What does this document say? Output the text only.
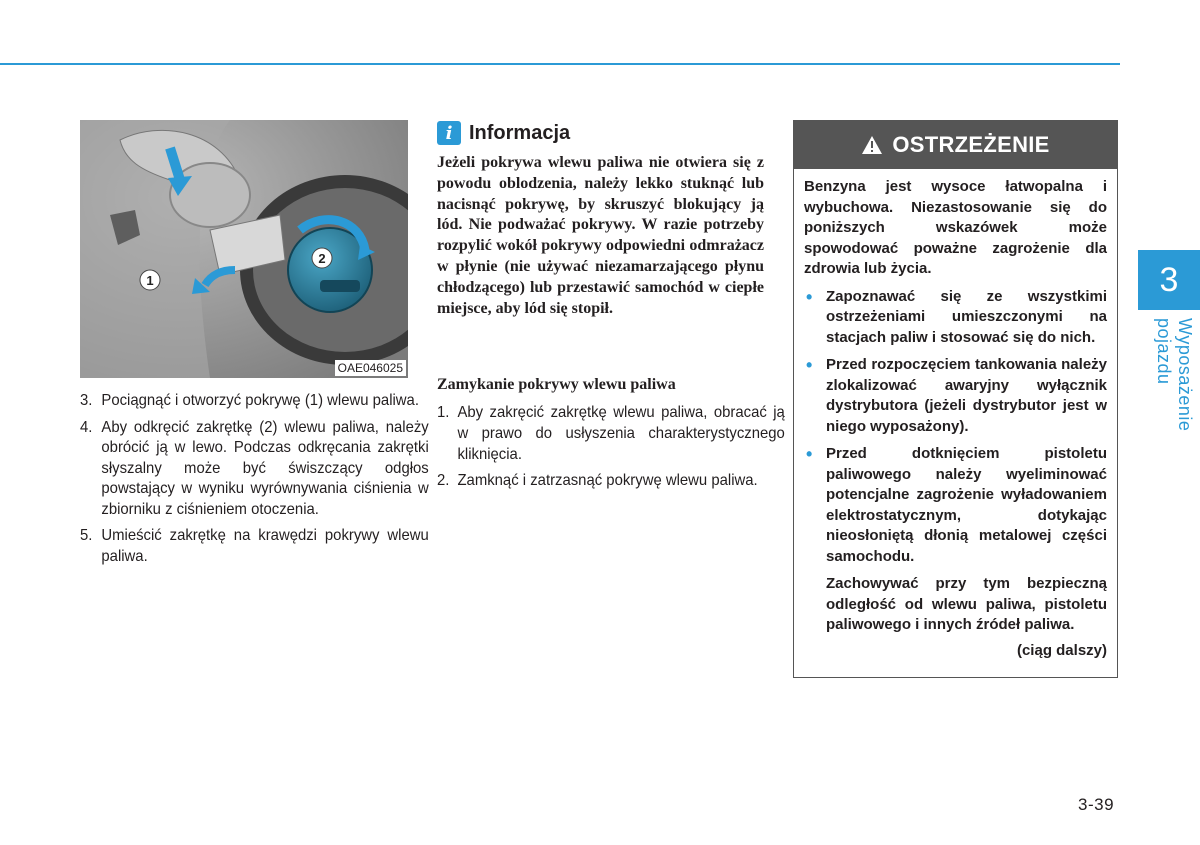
1
2
OAE046025
3. Pociągnąć i otworzyć pokrywę (1) wlewu paliwa.
4. Aby odkręcić zakrętkę (2) wlewu paliwa, należy obrócić ją w lewo. Podczas odkręcania zakrętki słyszalny może być świszczący odgłos powstający w wyniku wyrównywania ciśnienia w zbiorniku z ciśnieniem otoczenia.
5. Umieścić zakrętkę na krawędzi pokrywy wlewu paliwa.
i Informacja

Jeżeli pokrywa wlewu paliwa nie otwiera się z powodu oblodzenia, należy lekko stuknąć lub nacisnąć pokrywę, by skruszyć blokujący ją lód. Nie podważać pokrywy. W razie potrzeby rozpylić wokół pokrywy odpowiedni odmrażacz w płynie (nie używać niezamarzającego płynu chłodzącego) lub przestawić samochód w ciepłe miejsce, aby lód się stopił.

Zamykanie pokrywy wlewu paliwa

1. Aby zakręcić zakrętkę wlewu paliwa, obracać ją w prawo do usłyszenia charakterystycznego kliknięcia.
2. Zamknąć i zatrzasnąć pokrywę wlewu paliwa.
OSTRZEŻENIE

Benzyna jest wysoce łatwopalna i wybuchowa. Niezastosowanie się do poniższych wskazówek może spowodować poważne zagrożenie dla zdrowia lub życia.

• Zapoznawać się ze wszystkimi ostrzeżeniami umieszczonymi na stacjach paliw i stosować się do nich.
• Przed rozpoczęciem tankowania należy zlokalizować awaryjny wyłącznik dystrybutora (jeżeli dystrybutor jest w niego wyposażony).
• Przed dotknięciem pistoletu paliwowego należy wyeliminować potencjalne zagrożenie wyładowaniem elektrostatycznym, dotykając nieosłoniętą dłonią metalowej części samochodu.

Zachowywać przy tym bezpieczną odległość od wlewu paliwa, pistoletu paliwowego i innych źródeł paliwa.

(ciąg dalszy)

3
Wyposażenie pojazdu
3-39
